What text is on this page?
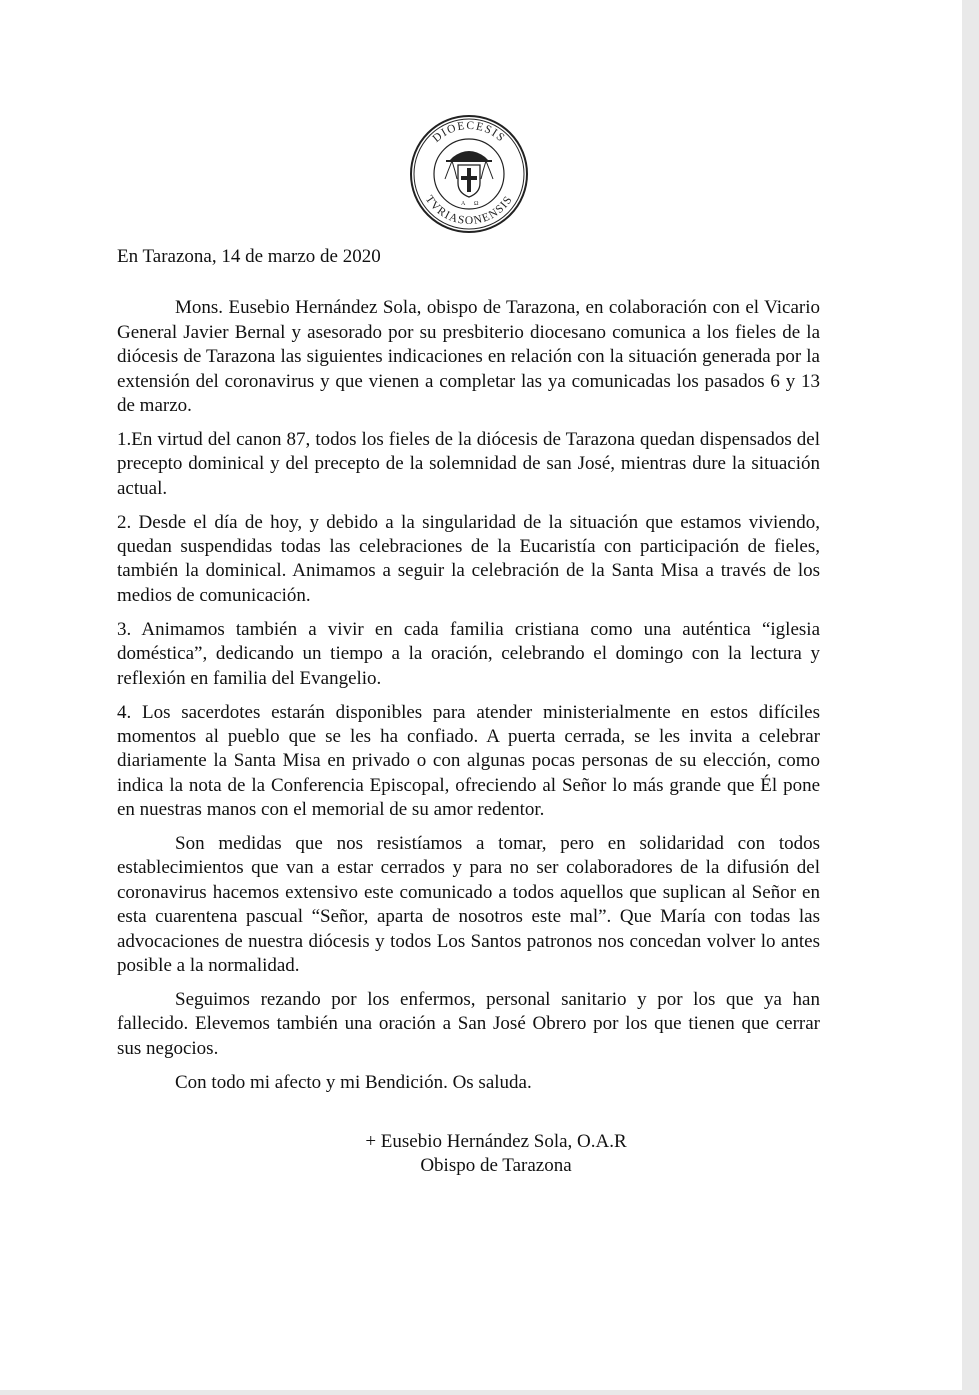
DIOECESIS
TVRIASONENSIS
A Ω

En Tarazona, 14 de marzo de 2020

Mons. Eusebio Hernández Sola, obispo de Tarazona, en colaboración con el Vicario General Javier Bernal y asesorado por su presbiterio diocesano comunica a los fieles de la diócesis de Tarazona las siguientes indicaciones en relación con la situación generada por la extensión del coronavirus y que vienen a completar las ya comunicadas los pasados 6 y 13 de marzo.

1.En virtud del canon 87, todos los fieles de la diócesis de Tarazona quedan dispensados del precepto dominical y del precepto de la solemnidad de san José, mientras dure la situación actual.

2. Desde el día de hoy, y debido a la singularidad de la situación que estamos viviendo, quedan suspendidas todas las celebraciones de la Eucaristía con participación de fieles, también la dominical. Animamos a seguir la celebración de la Santa Misa a través de los medios de comunicación.

3. Animamos también a vivir en cada familia cristiana como una auténtica “iglesia doméstica”, dedicando un tiempo a la oración, celebrando el domingo con la lectura y reflexión en familia del Evangelio.

4. Los sacerdotes estarán disponibles para atender ministerialmente en estos difíciles momentos al pueblo que se les ha confiado. A puerta cerrada, se les invita a celebrar diariamente la Santa Misa en privado o con algunas pocas personas de su elección, como indica la nota de la Conferencia Episcopal, ofreciendo al Señor lo más grande que Él pone en nuestras manos con el memorial de su amor redentor.

Son medidas que nos resistíamos a tomar, pero en solidaridad con todos establecimientos que van a estar cerrados y para no ser colaboradores de la difusión del coronavirus hacemos extensivo este comunicado a todos aquellos que suplican al Señor en esta cuarentena pascual “Señor, aparta de nosotros este mal”. Que María con todas las advocaciones de nuestra diócesis y todos Los Santos patronos nos concedan volver lo antes posible a la normalidad.

Seguimos rezando por los enfermos, personal sanitario y por los que ya han fallecido. Elevemos también una oración a San José Obrero por los que tienen que cerrar sus negocios.

Con todo mi afecto y mi Bendición. Os saluda.

+ Eusebio Hernández Sola, O.A.R
Obispo de Tarazona
